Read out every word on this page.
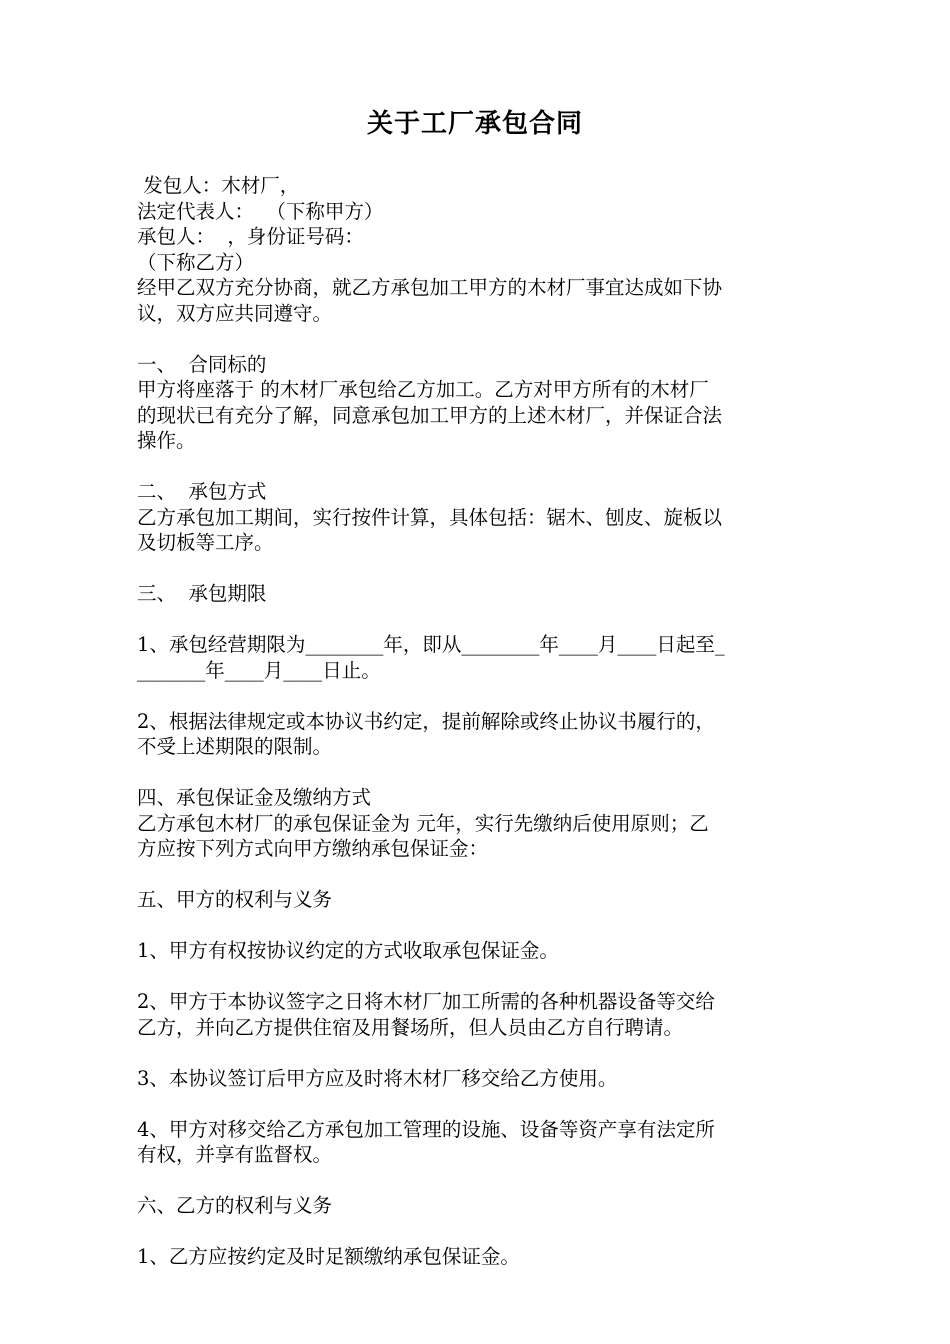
关于工厂承包合同
发包人：木材厂，
法定代表人：  （下称甲方）
承包人：  ，身份证号码：
（下称乙方）
经甲乙双方充分协商，就乙方承包加工甲方的木材厂事宜达成如下协
议，双方应共同遵守。
一、  合同标的
甲方将座落于 的木材厂承包给乙方加工。乙方对甲方所有的木材厂
的现状已有充分了解，同意承包加工甲方的上述木材厂，并保证合法
操作。
二、  承包方式
乙方承包加工期间，实行按件计算，具体包括：锯木、刨皮、旋板以
及切板等工序。
三、  承包期限
1、承包经营期限为________年，即从________年____月____日起至_
_______年____月____日止。
2、根据法律规定或本协议书约定，提前解除或终止协议书履行的，
不受上述期限的限制。
四、承包保证金及缴纳方式
乙方承包木材厂的承包保证金为 元年，实行先缴纳后使用原则；乙
方应按下列方式向甲方缴纳承包保证金：
五、甲方的权利与义务
1、甲方有权按协议约定的方式收取承包保证金。
2、甲方于本协议签字之日将木材厂加工所需的各种机器设备等交给
乙方，并向乙方提供住宿及用餐场所，但人员由乙方自行聘请。
3、本协议签订后甲方应及时将木材厂移交给乙方使用。
4、甲方对移交给乙方承包加工管理的设施、设备等资产享有法定所
有权，并享有监督权。
六、乙方的权利与义务
1、乙方应按约定及时足额缴纳承包保证金。
